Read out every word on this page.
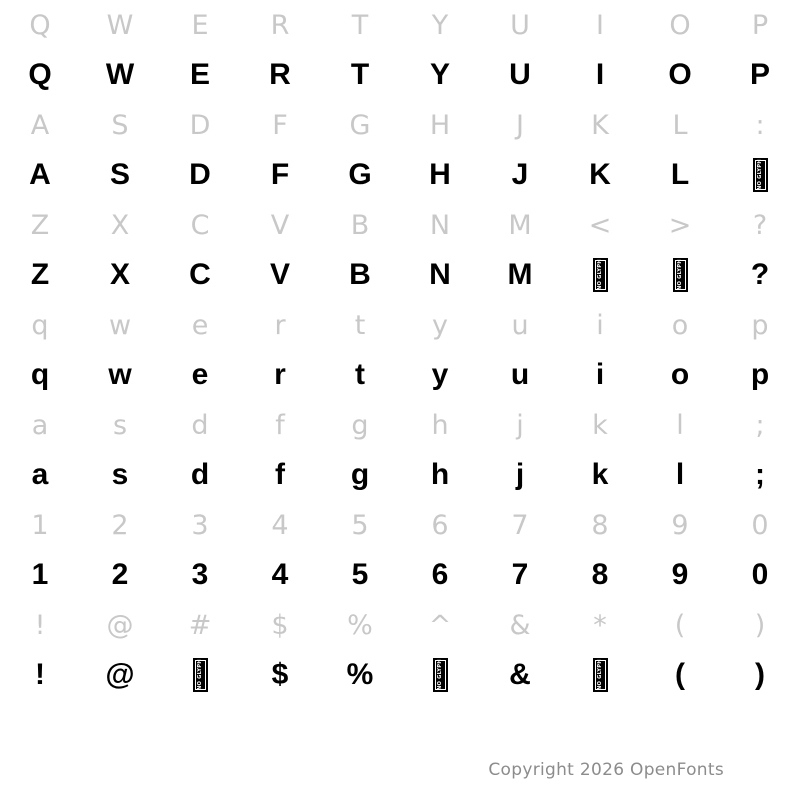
Q	W	E	R	T	Y	U	I	O	P
Q	W	E	R	T	Y	U	I	O	P
A	S	D	F	G	H	J	K	L	:
A	S	D	F	G	H	J	K	L	NO GLYPH
Z	X	C	V	B	N	M	<	>	?
Z	X	C	V	B	N	M	NO GLYPH	NO GLYPH	?
q	w	e	r	t	y	u	i	o	p
q	w	e	r	t	y	u	i	o	p
a	s	d	f	g	h	j	k	l	;
a	s	d	f	g	h	j	k	l	;
1	2	3	4	5	6	7	8	9	0
1	2	3	4	5	6	7	8	9	0
!	@	#	$	%	^	&	*	(	)
!	@	NO GLYPH	$	%	NO GLYPH	&	NO GLYPH	(	)
Copyright 2026 OpenFonts
